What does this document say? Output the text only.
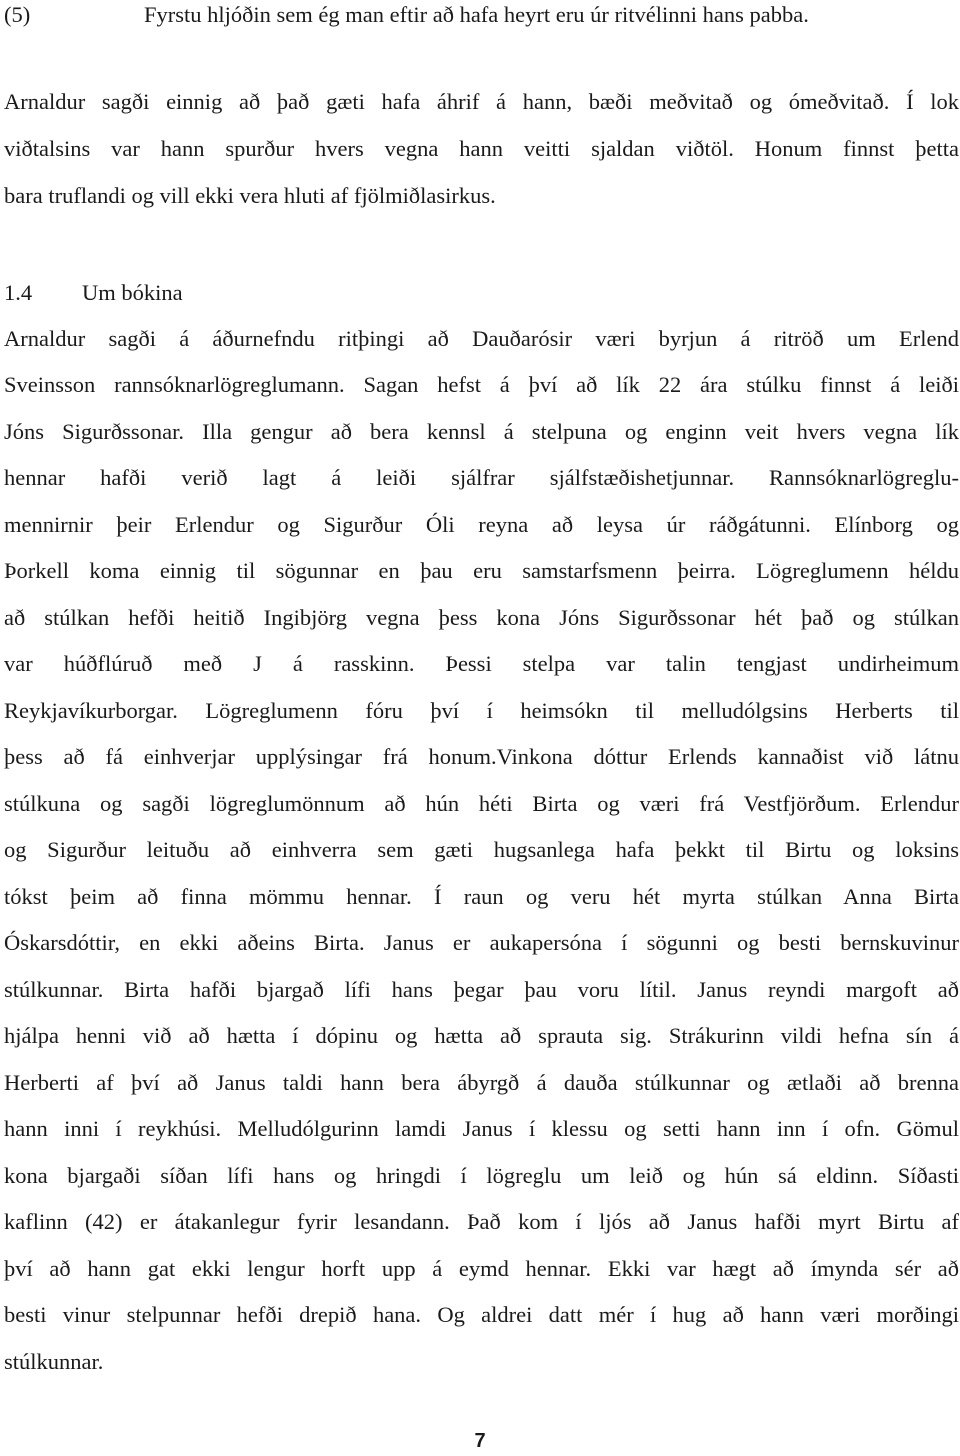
(5)	Fyrstu hljóðin sem ég man eftir að hafa heyrt eru úr ritvélinni hans pabba.
Arnaldur sagði einnig að það gæti hafa áhrif á hann, bæði meðvitað og ómeðvitað. Í lok
viðtalsins var hann spurður hvers vegna hann veitti sjaldan viðtöl. Honum finnst þetta
bara truflandi og vill ekki vera hluti af fjölmiðlasirkus.
1.4 Um bókina
Arnaldur sagði á áðurnefndu ritþingi að Dauðarósir væri byrjun á ritröð um Erlend
Sveinsson rannsóknarlögreglumann. Sagan hefst á því að lík 22 ára stúlku finnst á leiði
Jóns Sigurðssonar. Illa gengur að bera kennsl á stelpuna og enginn veit hvers vegna lík
hennar hafði verið lagt á leiði sjálfrar sjálfstæðishetjunnar. Rannsóknarlögreglu-
mennirnir þeir Erlendur og Sigurður Óli reyna að leysa úr ráðgátunni. Elínborg og
Þorkell koma einnig til sögunnar en þau eru samstarfsmenn þeirra. Lögreglumenn héldu
að stúlkan hefði heitið Ingibjörg vegna þess kona Jóns Sigurðssonar hét það og stúlkan
var húðflúruð með J á rasskinn. Þessi stelpa var talin tengjast undirheimum
Reykjavíkurborgar. Lögreglumenn fóru því í heimsókn til melludólgsins Herberts til
þess að fá einhverjar upplýsingar frá honum.Vinkona dóttur Erlends kannaðist við látnu
stúlkuna og sagði lögreglumönnum að hún héti Birta og væri frá Vestfjörðum. Erlendur
og Sigurður leituðu að einhverra sem gæti hugsanlega hafa þekkt til Birtu og loksins
tókst þeim að finna mömmu hennar. Í raun og veru hét myrta stúlkan Anna Birta
Óskarsdóttir, en ekki aðeins Birta. Janus er aukapersóna í sögunni og besti bernskuvinur
stúlkunnar. Birta hafði bjargað lífi hans þegar þau voru lítil. Janus reyndi margoft að
hjálpa henni við að hætta í dópinu og hætta að sprauta sig. Strákurinn vildi hefna sín á
Herberti af því að Janus taldi hann bera ábyrgð á dauða stúlkunnar og ætlaði að brenna
hann inni í reykhúsi. Melludólgurinn lamdi Janus í klessu og setti hann inn í ofn. Gömul
kona bjargaði síðan lífi hans og hringdi í lögreglu um leið og hún sá eldinn. Síðasti
kaflinn (42) er átakanlegur fyrir lesandann. Það kom í ljós að Janus hafði myrt Birtu af
því að hann gat ekki lengur horft upp á eymd hennar. Ekki var hægt að ímynda sér að
besti vinur stelpunnar hefði drepið hana. Og aldrei datt mér í hug að hann væri morðingi
stúlkunnar.
7
